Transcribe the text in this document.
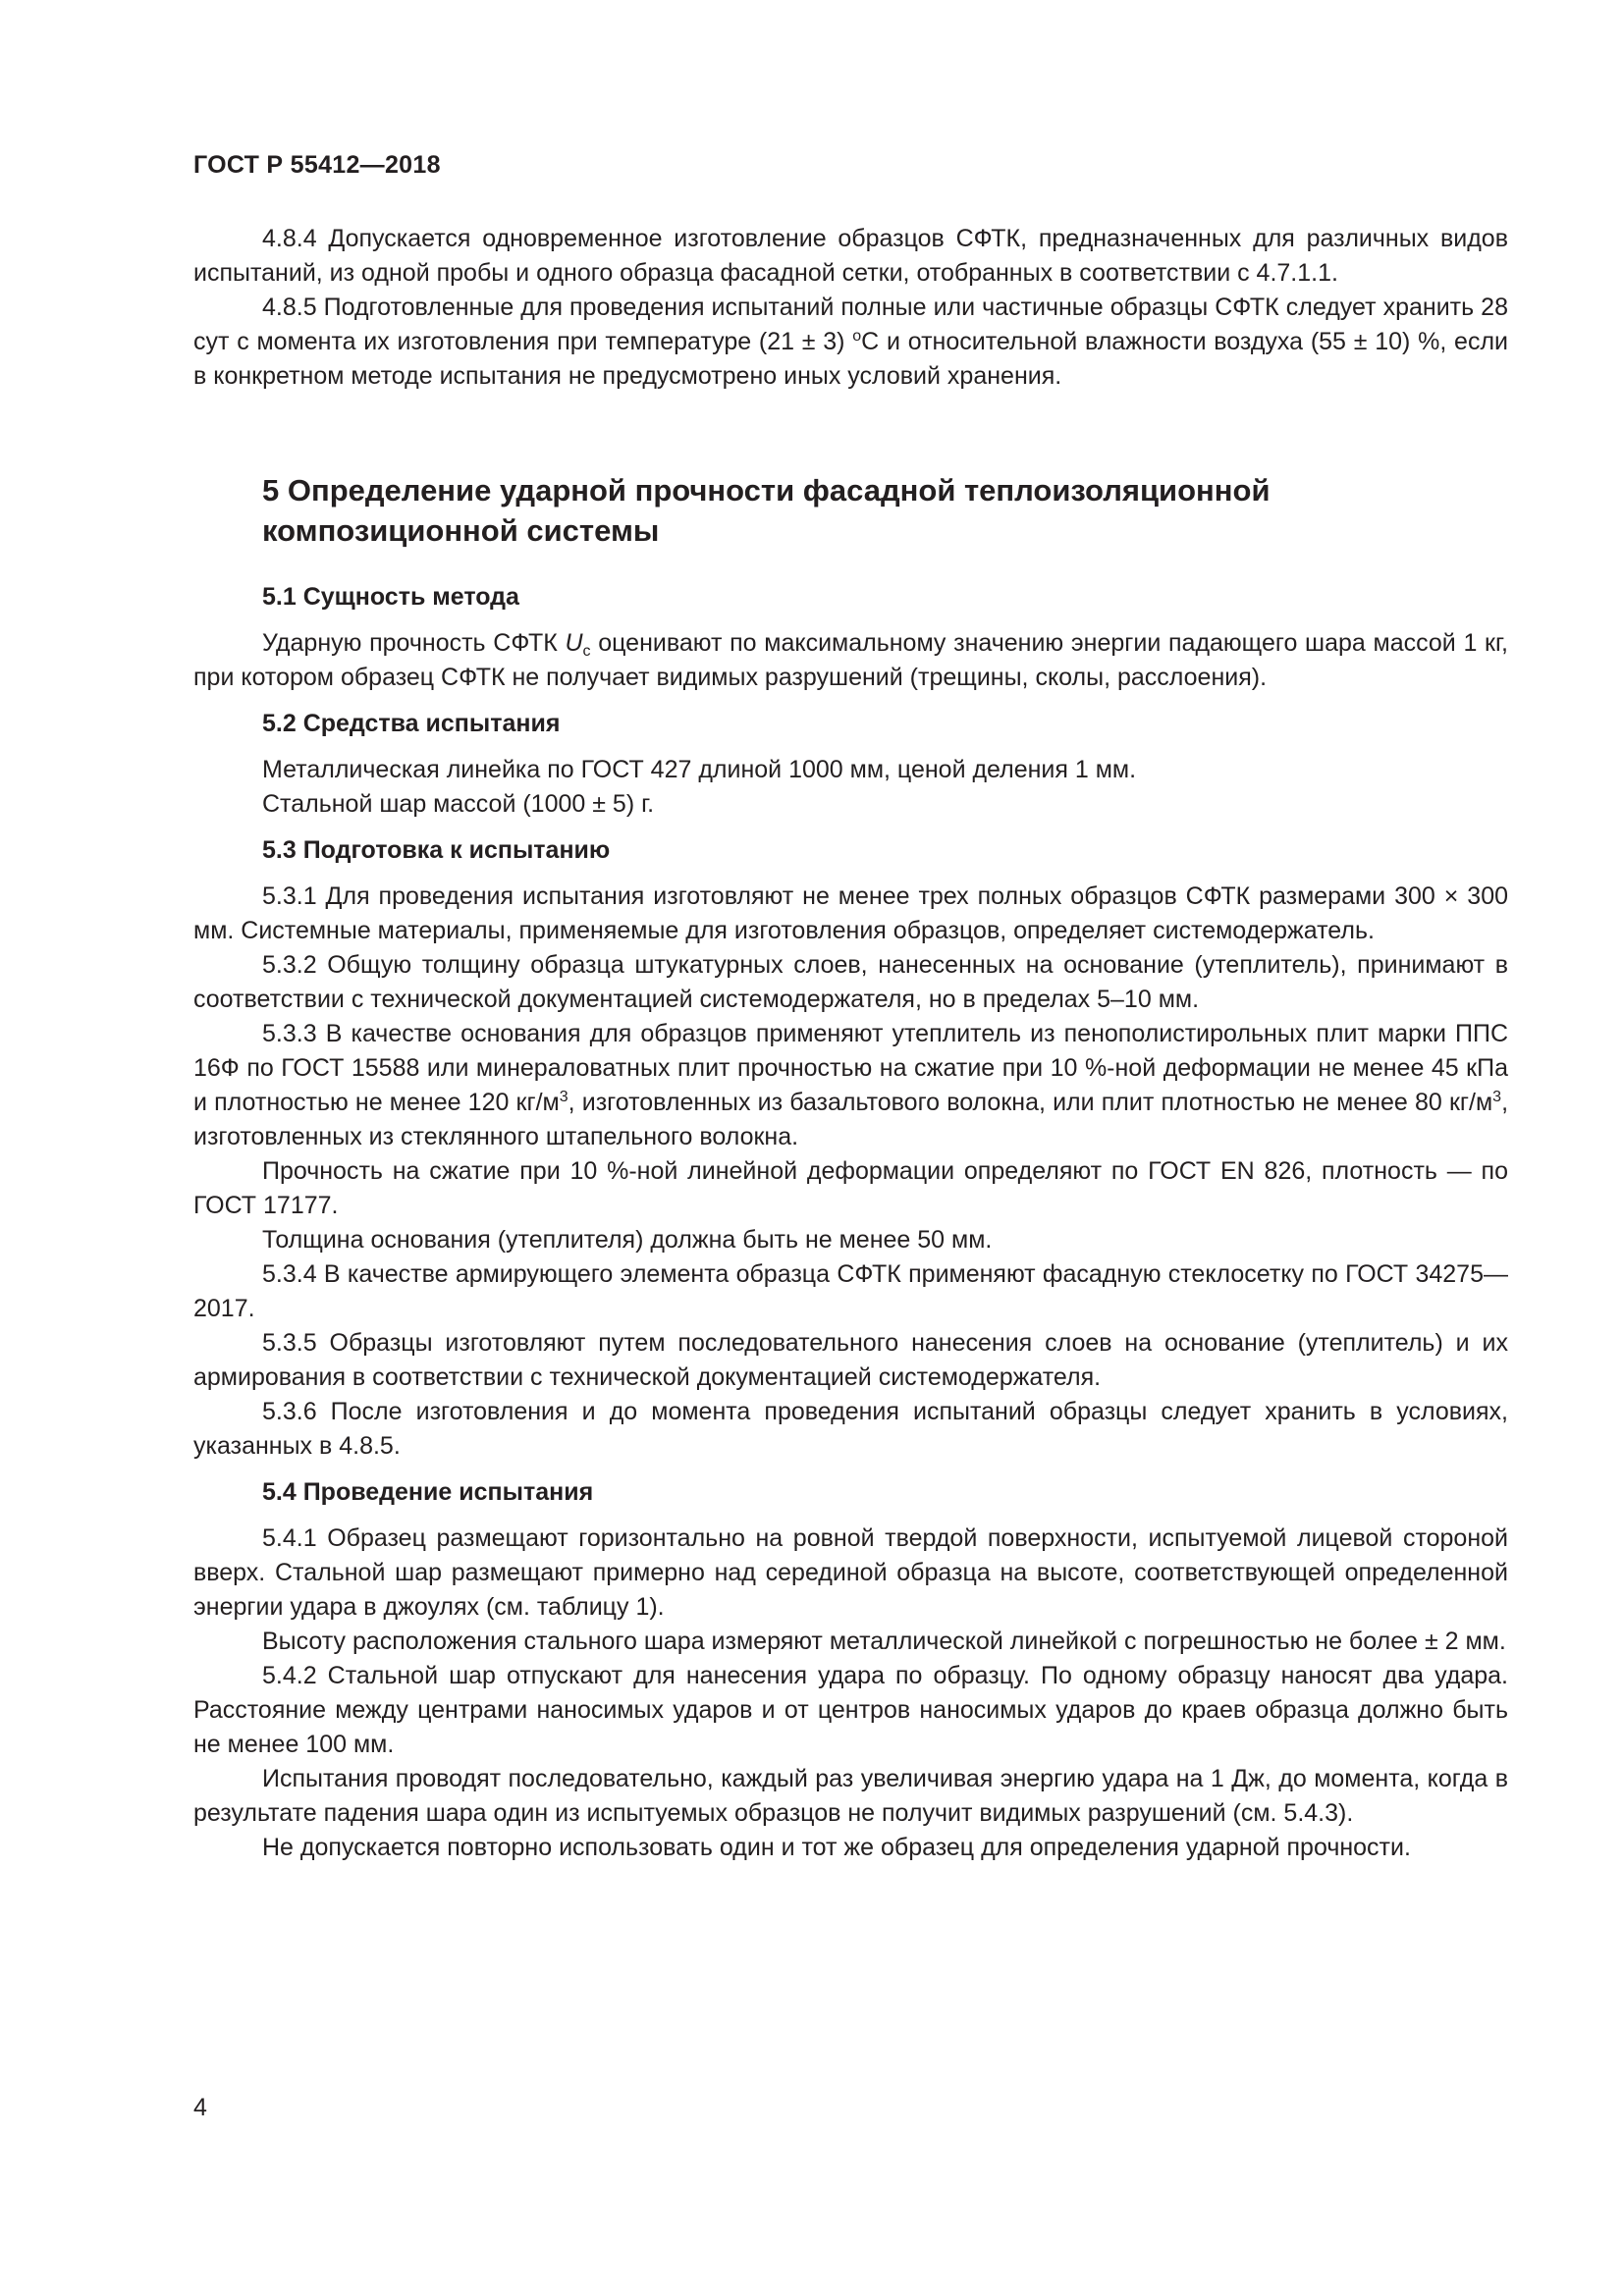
ГОСТ Р 55412—2018

4.8.4 Допускается одновременное изготовление образцов СФТК, предназначенных для различных видов испытаний, из одной пробы и одного образца фасадной сетки, отобранных в соответствии с 4.7.1.1.

4.8.5 Подготовленные для проведения испытаний полные или частичные образцы СФТК следует хранить 28 сут с момента их изготовления при температуре (21 ± 3) $^о$С и относительной влажности воздуха (55 ± 10) %, если в конкретном методе испытания не предусмотрено иных условий хранения.

5 Определение ударной прочности фасадной теплоизоляционной композиционной системы
5.1 Сущность метода

Ударную прочность СФТК $U_с$ оценивают по максимальному значению энергии падающего шара массой 1 кг, при котором образец СФТК не получает видимых разрушений (трещины, сколы, расслоения).

5.2 Средства испытания

Металлическая линейка по ГОСТ 427 длиной 1000 мм, ценой деления 1 мм.

Стальной шар массой (1000 ± 5) г.

5.3 Подготовка к испытанию

5.3.1 Для проведения испытания изготовляют не менее трех полных образцов СФТК размерами 300 × 300 мм. Системные материалы, применяемые для изготовления образцов, определяет системодержатель.

5.3.2 Общую толщину образца штукатурных слоев, нанесенных на основание (утеплитель), принимают в соответствии с технической документацией системодержателя, но в пределах 5–10 мм.

5.3.3 В качестве основания для образцов применяют утеплитель из пенополистирольных плит марки ППС 16Ф по ГОСТ 15588 или минераловатных плит прочностью на сжатие при 10 %-ной деформации не менее 45 кПа и плотностью не менее 120 $кг/м^3$, изготовленных из базальтового волокна, или плит плотностью не менее 80 $кг/м^3$, изготовленных из стеклянного штапельного волокна.

Прочность на сжатие при 10 %-ной линейной деформации определяют по ГОСТ EN 826, плотность — по ГОСТ 17177.

Толщина основания (утеплителя) должна быть не менее 50 мм.

5.3.4 В качестве армирующего элемента образца СФТК применяют фасадную стеклосетку по ГОСТ 34275—2017.

5.3.5 Образцы изготовляют путем последовательного нанесения слоев на основание (утеплитель) и их армирования в соответствии с технической документацией системодержателя.

5.3.6 После изготовления и до момента проведения испытаний образцы следует хранить в условиях, указанных в 4.8.5.

5.4 Проведение испытания

5.4.1 Образец размещают горизонтально на ровной твердой поверхности, испытуемой лицевой стороной вверх. Стальной шар размещают примерно над серединой образца на высоте, соответствующей определенной энергии удара в джоулях (см. таблицу 1).

Высоту расположения стального шара измеряют металлической линейкой с погрешностью не более ± 2 мм.

5.4.2 Стальной шар отпускают для нанесения удара по образцу. По одному образцу наносят два удара. Расстояние между центрами наносимых ударов и от центров наносимых ударов до краев образца должно быть не менее 100 мм.

Испытания проводят последовательно, каждый раз увеличивая энергию удара на 1 Дж, до момента, когда в результате падения шара один из испытуемых образцов не получит видимых разрушений (см. 5.4.3).

Не допускается повторно использовать один и тот же образец для определения ударной прочности.

4
